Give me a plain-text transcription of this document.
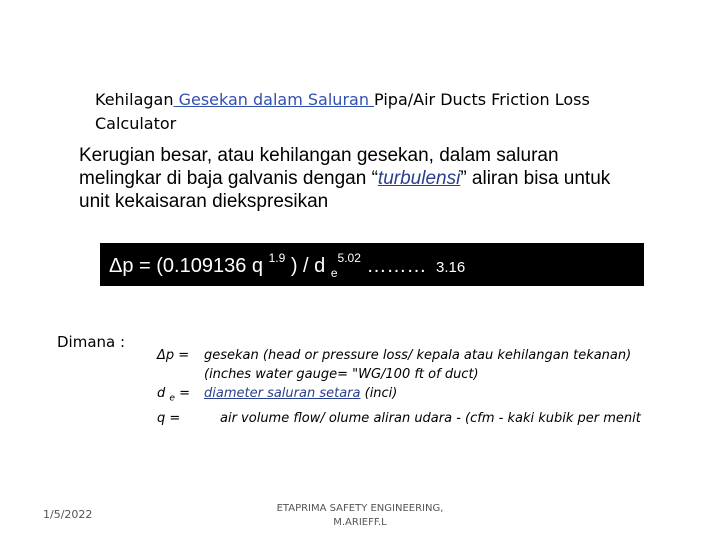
Kehilagan Gesekan dalam Saluran Pipa/Air Ducts Friction Loss Calculator
Kerugian besar, atau kehilangan gesekan, dalam saluran melingkar di baja galvanis dengan “turbulensi” aliran bisa untuk unit kekaisaran diekspresikan
Δp = (0.109136 q $^{1.9}$ ) / d $_e^{5.02}$ ……… 3.16
Dimana :
Δp =	gesekan (head or pressure loss/ kepala atau kehilangan tekanan)
(inches water gauge= "WG/100 ft of duct)
d $_e$ =	diameter saluran setara (inci)
q =	air volume flow/ olume aliran udara - (cfm - kaki kubik per menit
1/5/2022	ETAPRIMA SAFETY ENGINEERING,
M.ARIEFF.L
